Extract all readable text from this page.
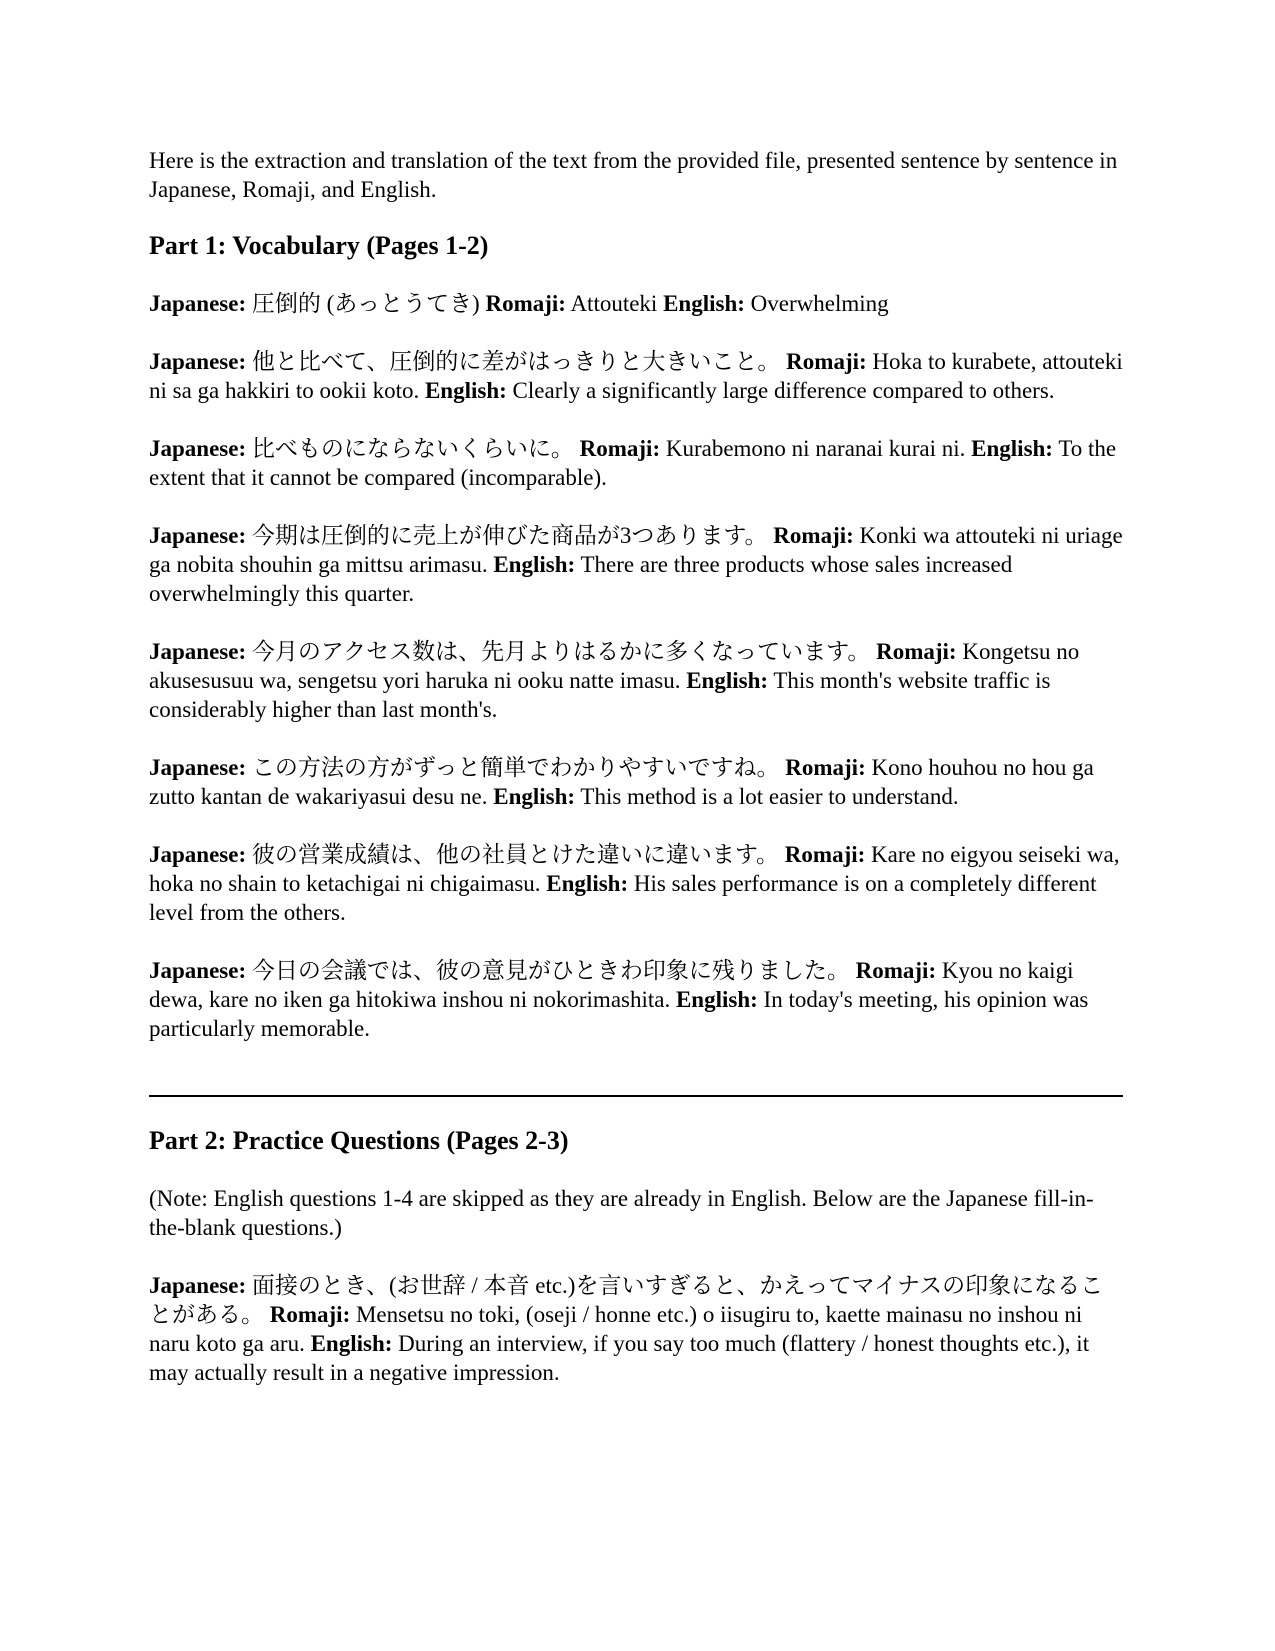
Here is the extraction and translation of the text from the provided file, presented sentence by sentence in Japanese, Romaji, and English.

Part 1: Vocabulary (Pages 1-2)

Japanese: 圧倒的 (あっとうてき) Romaji: Attouteki English: Overwhelming

Japanese: 他と比べて、圧倒的に差がはっきりと大きいこと。 Romaji: Hoka to kurabete, attouteki ni sa ga hakkiri to ookii koto. English: Clearly a significantly large difference compared to others.

Japanese: 比べものにならないくらいに。 Romaji: Kurabemono ni naranai kurai ni. English: To the extent that it cannot be compared (incomparable).

Japanese: 今期は圧倒的に売上が伸びた商品が3つあります。 Romaji: Konki wa attouteki ni uriage ga nobita shouhin ga mittsu arimasu. English: There are three products whose sales increased overwhelmingly this quarter.

Japanese: 今月のアクセス数は、先月よりはるかに多くなっています。 Romaji: Kongetsu no akusesusuu wa, sengetsu yori haruka ni ooku natte imasu. English: This month's website traffic is considerably higher than last month's.

Japanese: この方法の方がずっと簡単でわかりやすいですね。 Romaji: Kono houhou no hou ga zutto kantan de wakariyasui desu ne. English: This method is a lot easier to understand.

Japanese: 彼の営業成績は、他の社員とけた違いに違います。 Romaji: Kare no eigyou seiseki wa, hoka no shain to ketachigai ni chigaimasu. English: His sales performance is on a completely different level from the others.

Japanese: 今日の会議では、彼の意見がひときわ印象に残りました。 Romaji: Kyou no kaigi dewa, kare no iken ga hitokiwa inshou ni nokorimashita. English: In today's meeting, his opinion was particularly memorable.

Part 2: Practice Questions (Pages 2-3)

(Note: English questions 1-4 are skipped as they are already in English. Below are the Japanese fill-in-the-blank questions.)

Japanese: 面接のとき、(お世辞 / 本音 etc.)を言いすぎると、かえってマイナスの印象になることがある。 Romaji: Mensetsu no toki, (oseji / honne etc.) o iisugiru to, kaette mainasu no inshou ni naru koto ga aru. English: During an interview, if you say too much (flattery / honest thoughts etc.), it may actually result in a negative impression.
